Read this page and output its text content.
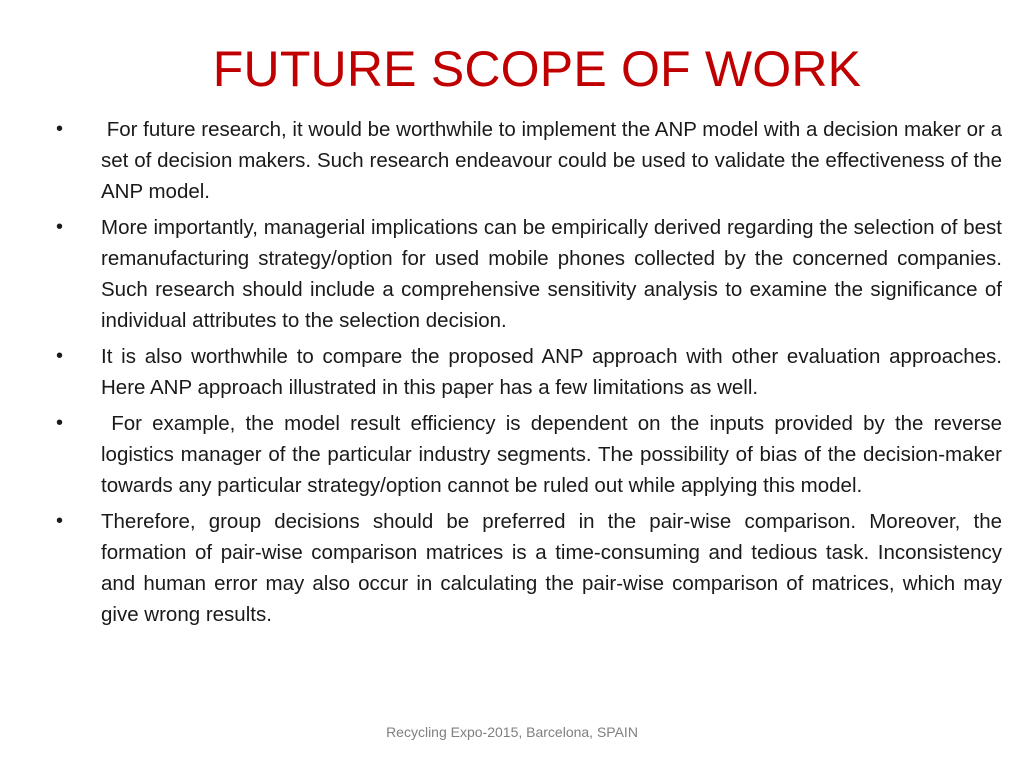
FUTURE SCOPE OF WORK
•	For future research, it would be worthwhile to implement the ANP model with a decision maker or a set of decision makers. Such research endeavour could be used to validate the effectiveness of the ANP model.
•	More importantly, managerial implications can be empirically derived regarding the selection of best remanufacturing strategy/option for used mobile phones collected by the concerned companies. Such research should include a comprehensive sensitivity analysis to examine the significance of individual attributes to the selection decision.
•	It is also worthwhile to compare the proposed ANP approach with other evaluation approaches. Here ANP approach illustrated in this paper has a few limitations as well.
•	For example, the model result efficiency is dependent on the inputs provided by the reverse logistics manager of the particular industry segments. The possibility of bias of the decision-maker towards any particular strategy/option cannot be ruled out while applying this model.
•	Therefore, group decisions should be preferred in the pair-wise comparison. Moreover, the formation of pair-wise comparison matrices is a time-consuming and tedious task. Inconsistency and human error may also occur in calculating the pair-wise comparison of matrices, which may give wrong results.
Recycling Expo-2015, Barcelona, SPAIN
